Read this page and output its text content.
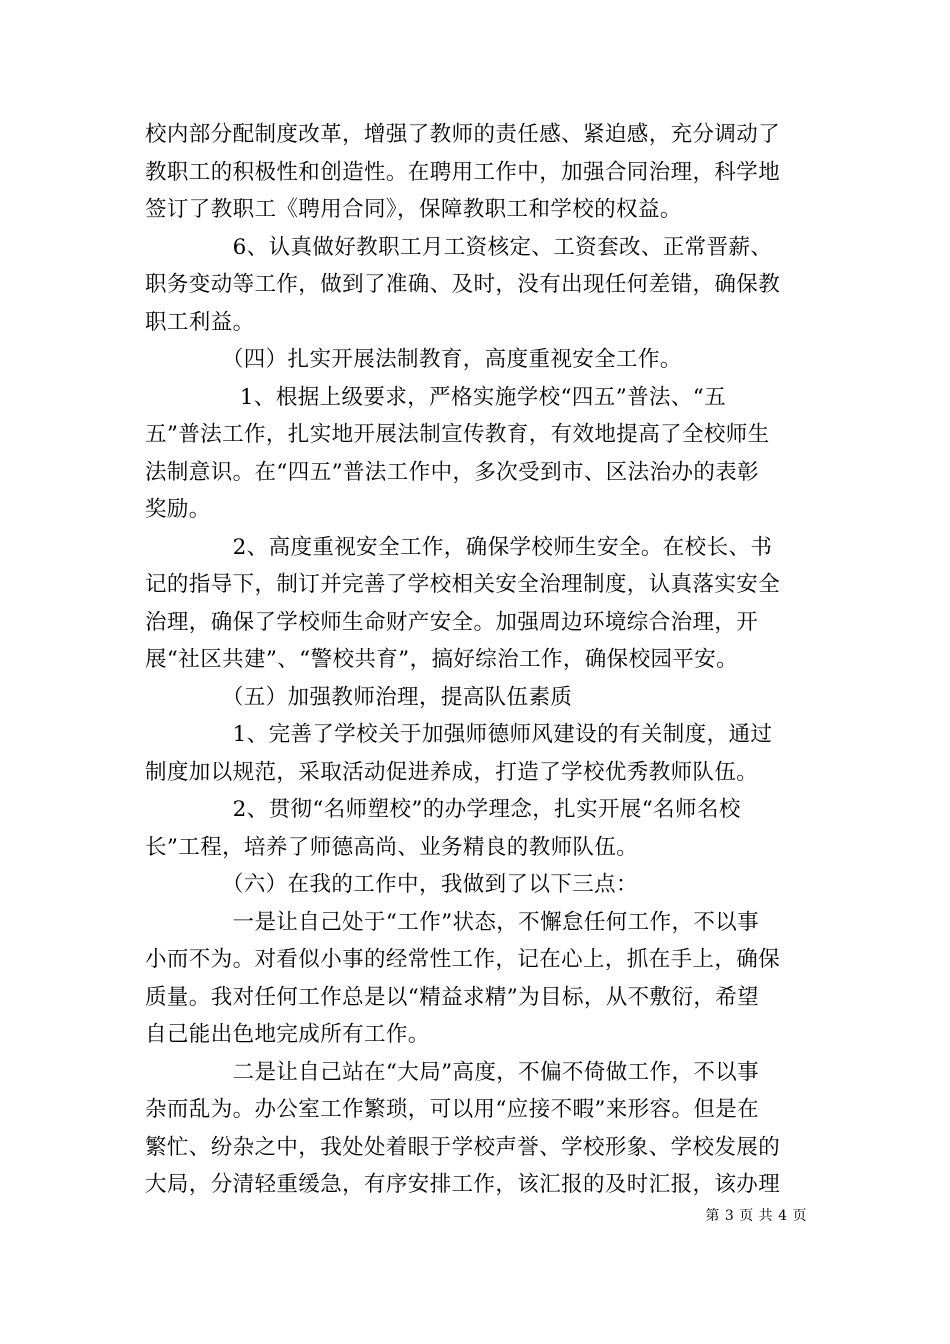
校内部分配制度改革，增强了教师的责任感、紧迫感，充分调动了

教职工的积极性和创造性。在聘用工作中，加强合同治理，科学地

签订了教职工《聘用合同》，保障教职工和学校的权益。

　　　　6、认真做好教职工月工资核定、工资套改、正常晋薪、

职务变动等工作，做到了准确、及时，没有出现任何差错，确保教

职工利益。

　　　　（四）扎实开展法制教育，高度重视安全工作。

　　　　 1、根据上级要求，严格实施学校“四五”普法、“五

五”普法工作，扎实地开展法制宣传教育，有效地提高了全校师生

法制意识。在“四五”普法工作中，多次受到市、区法治办的表彰

奖励。

　　　　2、高度重视安全工作，确保学校师生安全。在校长、书

记的指导下，制订并完善了学校相关安全治理制度，认真落实安全

治理，确保了学校师生命财产安全。加强周边环境综合治理，开

展“社区共建”、“警校共育”，搞好综治工作，确保校园平安。

　　　　（五）加强教师治理，提高队伍素质

　　　　1、完善了学校关于加强师德师风建设的有关制度，通过

制度加以规范，采取活动促进养成，打造了学校优秀教师队伍。

　　　　2、贯彻“名师塑校”的办学理念，扎实开展“名师名校

长”工程，培养了师德高尚、业务精良的教师队伍。

　　　　（六）在我的工作中，我做到了以下三点：

　　　　一是让自己处于“工作”状态，不懈怠任何工作，不以事

小而不为。对看似小事的经常性工作，记在心上，抓在手上，确保

质量。我对任何工作总是以“精益求精”为目标，从不敷衍，希望

自己能出色地完成所有工作。

　　　　二是让自己站在“大局”高度，不偏不倚做工作，不以事

杂而乱为。办公室工作繁琐，可以用“应接不暇”来形容。但是在

繁忙、纷杂之中，我处处着眼于学校声誉、学校形象、学校发展的

大局，分清轻重缓急，有序安排工作，该汇报的及时汇报，该办理

第 3 页 共 4 页
